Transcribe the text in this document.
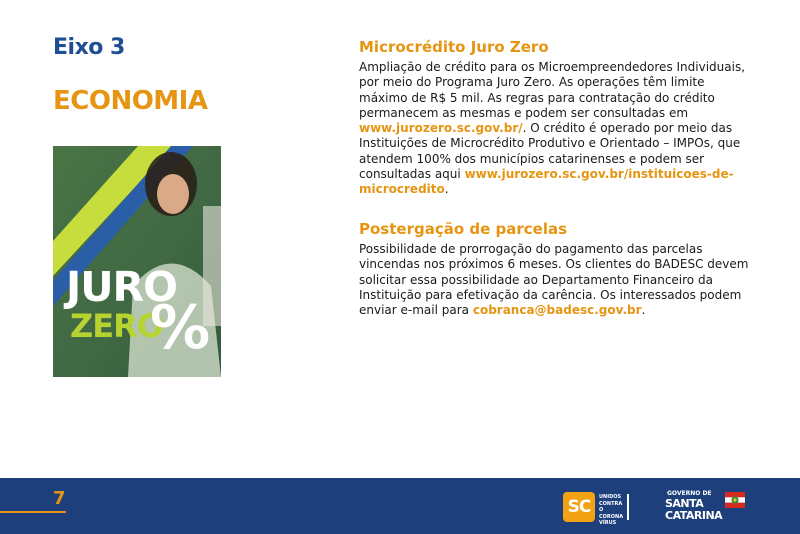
Eixo 3
ECONOMIA
JURO
ZERO
%
Microcrédito Juro Zero

Ampliação de crédito para os Microempreendedores Individuais, por meio do Programa Juro Zero. As operações têm limite máximo de R$ 5 mil. As regras para contratação do crédito permanecem as mesmas e podem ser consultadas em www.jurozero.sc.gov.br/. O crédito é operado por meio das Instituições de Microcrédito Produtivo e Orientado – IMPOs, que atendem 100% dos municípios catarinenses e podem ser consultadas aqui www.jurozero.sc.gov.br/instituicoes-de-microcredito.

Postergação de parcelas

Possibilidade de prorrogação do pagamento das parcelas vincendas nos próximos 6 meses. Os clientes do BADESC devem solicitar essa possibilidade ao Departamento Financeiro da Instituição para efetivação da carência. Os interessados podem enviar e-mail para cobranca@badesc.gov.br.

7	SC	UNIDOS
CONTRA O
CORONA
VÍRUS
GOVERNO DE
SANTA
CATARINA
